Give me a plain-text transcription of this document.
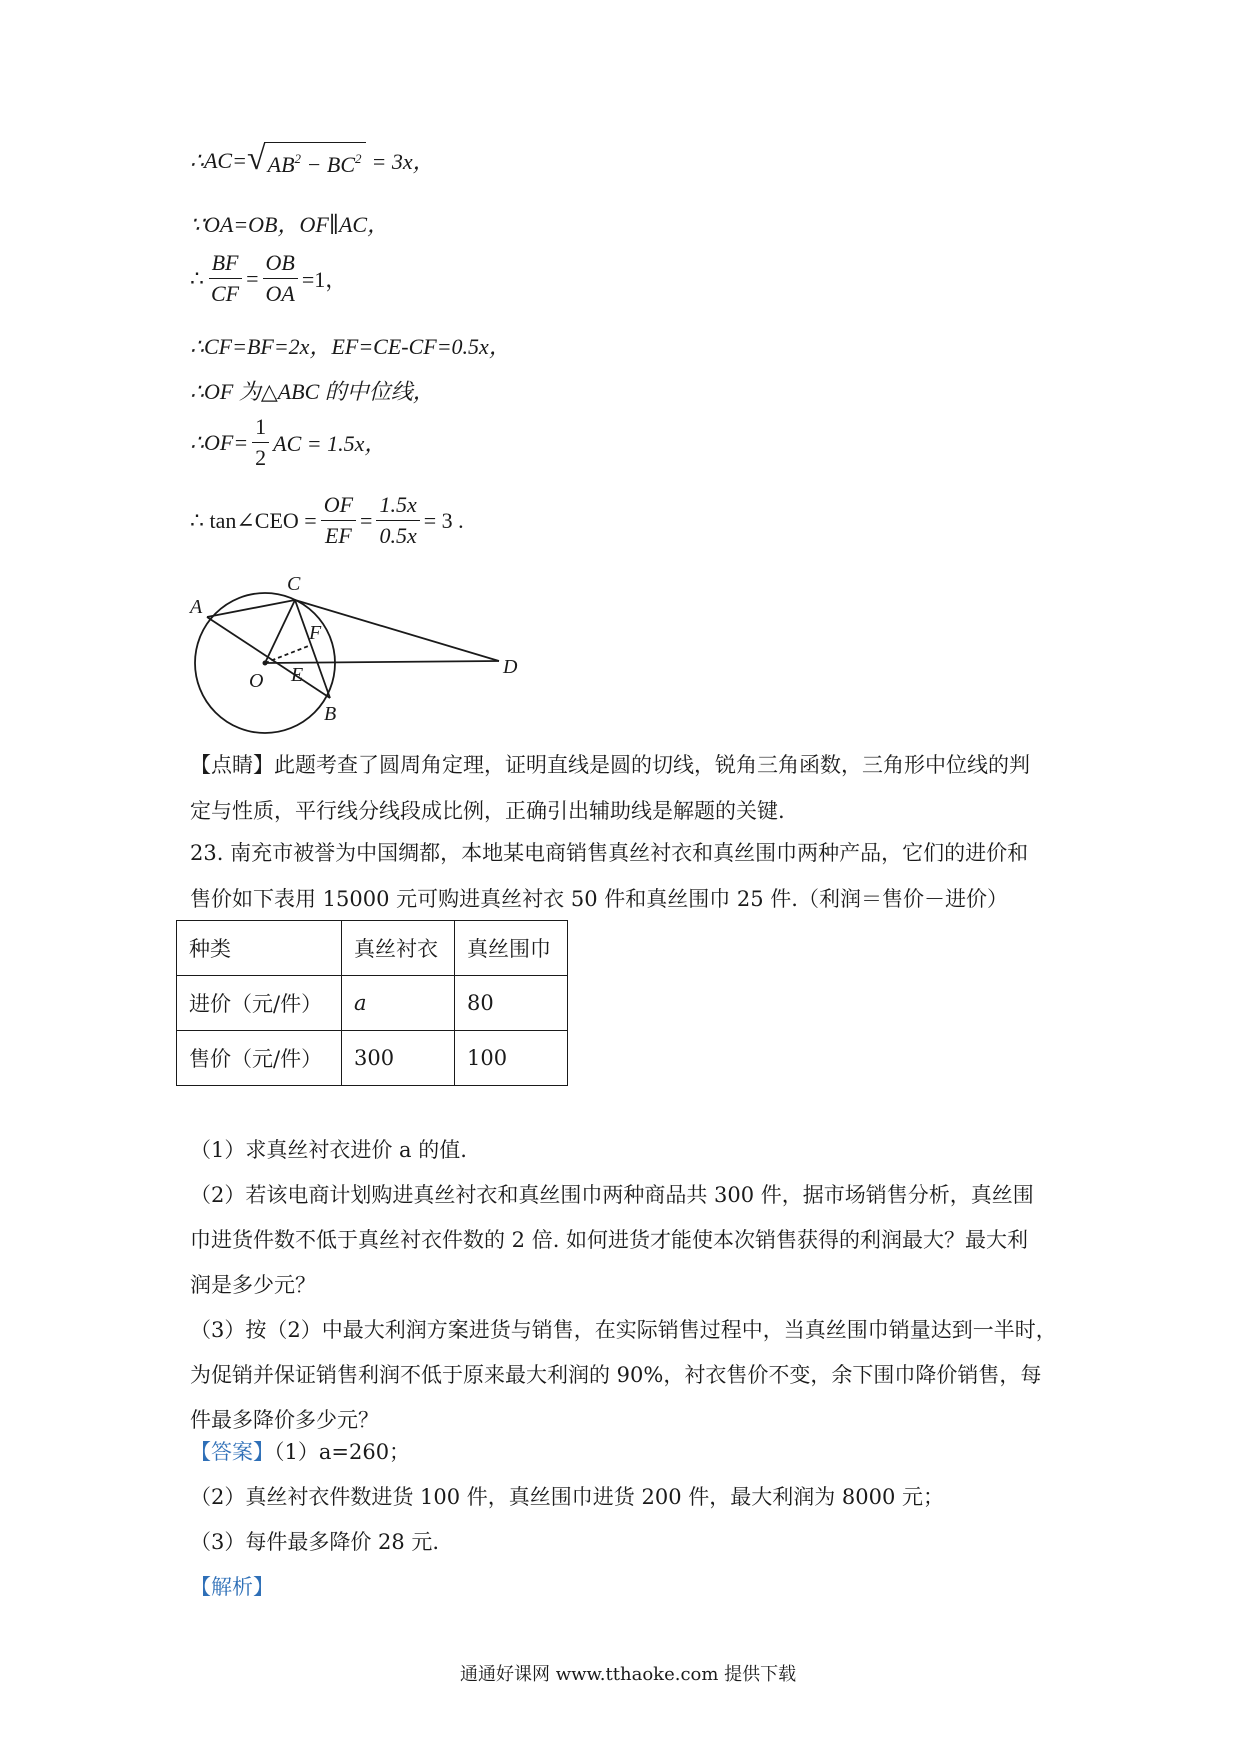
∴AC= √ $AB^2 - BC^2 = 3x$，
∵OA=OB，OF∥AC，
∴ $\frac{BF}{CF} = \frac{OB}{OA} =1$，
∴CF=BF=2x，EF=CE-CF=0.5x，
∴OF 为△ABC 的中位线，
∴OF= $\frac{1}{2}$ AC = 1.5x，
∴ tan∠CEO = $\frac{OF}{EF} = \frac{1.5x}{0.5x} = 3$ .
A
C
F
O E	D
B
【点睛】此题考查了圆周角定理，证明直线是圆的切线，锐角三角函数，三角形中位线的判
定与性质，平行线分线段成比例，正确引出辅助线是解题的关键.
23. 南充市被誉为中国绸都，本地某电商销售真丝衬衣和真丝围巾两种产品，它们的进价和
售价如下表用 15000 元可购进真丝衬衣 50 件和真丝围巾 25 件.（利润＝售价－进价）
种类	真丝衬衣	真丝围巾
进价（元/件）	a	80
售价（元/件）	300	100
（1）求真丝衬衣进价 a 的值.
（2）若该电商计划购进真丝衬衣和真丝围巾两种商品共 300 件，据市场销售分析，真丝围
巾进货件数不低于真丝衬衣件数的 2 倍. 如何进货才能使本次销售获得的利润最大？最大利
润是多少元？
（3）按（2）中最大利润方案进货与销售，在实际销售过程中，当真丝围巾销量达到一半时，
为促销并保证销售利润不低于原来最大利润的 90%，衬衣售价不变，余下围巾降价销售，每
件最多降价多少元？
【答案】（1）a=260；
（2）真丝衬衣件数进货 100 件，真丝围巾进货 200 件，最大利润为 8000 元；
（3）每件最多降价 28 元.
【解析】
通通好课网 www.tthaoke.com 提供下载
